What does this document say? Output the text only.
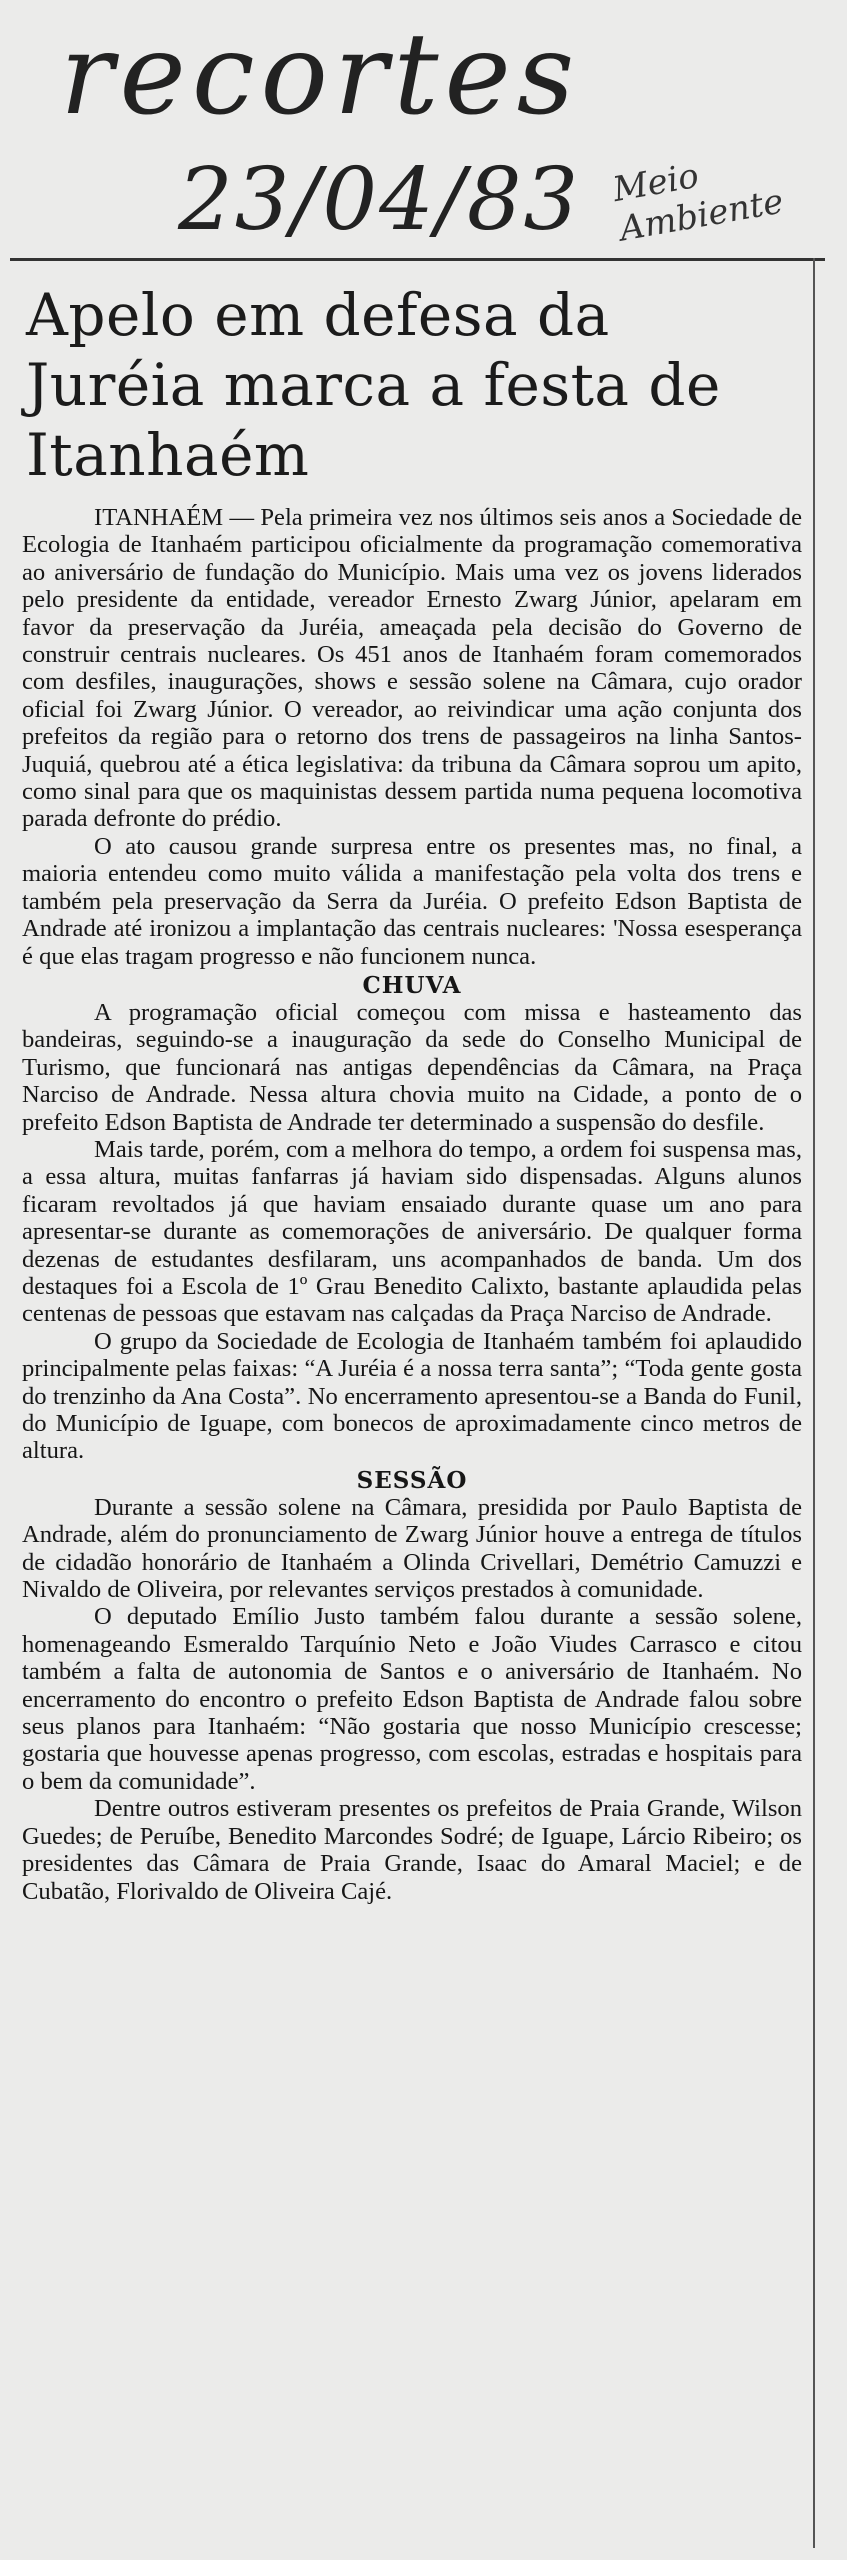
recortes
23/04/83 Meio Ambiente
Apelo em defesa da Juréia marca a festa de Itanhaém

ITANHAÉM — Pela primeira vez nos últimos seis anos a Sociedade de Ecologia de Itanhaém participou oficialmente da programação comemorativa ao aniversário de fundação do Município. Mais uma vez os jovens liderados pelo presidente da entidade, vereador Ernesto Zwarg Júnior, apelaram em favor da preservação da Juréia, ameaçada pela decisão do Governo de construir centrais nucleares. Os 451 anos de Itanhaém foram comemorados com desfiles, inaugurações, shows e sessão solene na Câmara, cujo orador oficial foi Zwarg Júnior. O vereador, ao reivindicar uma ação conjunta dos prefeitos da região para o retorno dos trens de passageiros na linha Santos-Juquiá, quebrou até a ética legislativa: da tribuna da Câmara soprou um apito, como sinal para que os maquinistas dessem partida numa pequena locomotiva parada defronte do prédio.

O ato causou grande surpresa entre os presentes mas, no final, a maioria entendeu como muito válida a manifestação pela volta dos trens e também pela preservação da Serra da Juréia. O prefeito Edson Baptista de Andrade até ironizou a implantação das centrais nucleares: 'Nossa esesperança é que elas tragam progresso e não funcionem nunca.

CHUVA

A programação oficial começou com missa e hasteamento das bandeiras, seguindo-se a inauguração da sede do Conselho Municipal de Turismo, que funcionará nas antigas dependências da Câmara, na Praça Narciso de Andrade. Nessa altura chovia muito na Cidade, a ponto de o prefeito Edson Baptista de Andrade ter determinado a suspensão do desfile.

Mais tarde, porém, com a melhora do tempo, a ordem foi suspensa mas, a essa altura, muitas fanfarras já haviam sido dispensadas. Alguns alunos ficaram revoltados já que haviam ensaiado durante quase um ano para apresentar-se durante as comemorações de aniversário. De qualquer forma dezenas de estudantes desfilaram, uns acompanhados de banda. Um dos destaques foi a Escola de 1º Grau Benedito Calixto, bastante aplaudida pelas centenas de pessoas que estavam nas calçadas da Praça Narciso de Andrade.

O grupo da Sociedade de Ecologia de Itanhaém também foi aplaudido principalmente pelas faixas: “A Juréia é a nossa terra santa”; “Toda gente gosta do trenzinho da Ana Costa”. No encerramento apresentou-se a Banda do Funil, do Município de Iguape, com bonecos de aproximadamente cinco metros de altura.

SESSÃO

Durante a sessão solene na Câmara, presidida por Paulo Baptista de Andrade, além do pronunciamento de Zwarg Júnior houve a entrega de títulos de cidadão honorário de Itanhaém a Olinda Crivellari, Demétrio Camuzzi e Nivaldo de Oliveira, por relevantes serviços prestados à comunidade.

O deputado Emílio Justo também falou durante a sessão solene, homenageando Esmeraldo Tarquínio Neto e João Viudes Carrasco e citou também a falta de autonomia de Santos e o aniversário de Itanhaém. No encerramento do encontro o prefeito Edson Baptista de Andrade falou sobre seus planos para Itanhaém: “Não gostaria que nosso Município crescesse; gostaria que houvesse apenas progresso, com escolas, estradas e hospitais para o bem da comunidade”.

Dentre outros estiveram presentes os prefeitos de Praia Grande, Wilson Guedes; de Peruíbe, Benedito Marcondes Sodré; de Iguape, Lárcio Ribeiro; os presidentes das Câmara de Praia Grande, Isaac do Amaral Maciel; e de Cubatão, Florivaldo de Oliveira Cajé.
